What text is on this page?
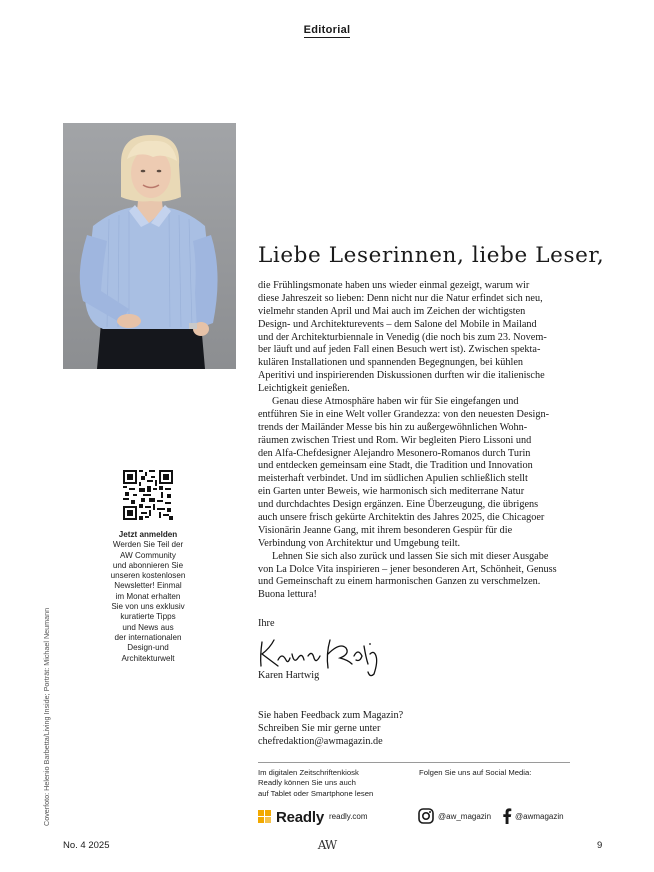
Editorial
Jetzt anmelden
Werden Sie Teil der
AW Community
und abonnieren Sie
unseren kostenlosen
Newsletter! Einmal
im Monat erhalten
Sie von uns exklusiv
kuratierte Tipps
und News aus
der internationalen
Design-und
Architekturwelt
Coverfoto: Helenio Barbetta/Living Inside; Porträt: Michael Neumann
Liebe Leserinnen, liebe Leser,
die Frühlingsmonate haben uns wieder einmal gezeigt, warum wir
diese Jahreszeit so lieben: Denn nicht nur die Natur erfindet sich neu,
vielmehr standen April und Mai auch im Zeichen der wichtigsten
Design- und Architekturevents – dem Salone del Mobile in Mailand
und der Architekturbiennale in Venedig (die noch bis zum 23. Novem-
ber läuft und auf jeden Fall einen Besuch wert ist). Zwischen spekta-
kulären Installationen und spannenden Begegnungen, bei kühlen
Aperitivi und inspirierenden Diskussionen durften wir die italienische
Leichtigkeit genießen.
Genau diese Atmosphäre haben wir für Sie eingefangen und
entführen Sie in eine Welt voller Grandezza: von den neuesten Design-
trends der Mailänder Messe bis hin zu außergewöhnlichen Wohn-
räumen zwischen Triest und Rom. Wir begleiten Piero Lissoni und
den Alfa-Chefdesigner Alejandro Mesonero-Romanos durch Turin
und entdecken gemeinsam eine Stadt, die Tradition und Innovation
meisterhaft verbindet. Und im südlichen Apulien schließlich stellt
ein Garten unter Beweis, wie harmonisch sich mediterrane Natur
und durchdachtes Design ergänzen. Eine Überzeugung, die übrigens
auch unsere frisch gekürte Architektin des Jahres 2025, die Chicagoer
Visionärin Jeanne Gang, mit ihrem besonderen Gespür für die
Verbindung von Architektur und Umgebung teilt.
Lehnen Sie sich also zurück und lassen Sie sich mit dieser Ausgabe
von La Dolce Vita inspirieren – jener besonderen Art, Schönheit, Genuss
und Gemeinschaft zu einem harmonischen Ganzen zu verschmelzen.
Buona lettura!
Ihre
Karen Hartwig
Sie haben Feedback zum Magazin?
Schreiben Sie mir gerne unter
chefredaktion@awmagazin.de
Im digitalen Zeitschriftenkiosk
Readly können Sie uns auch
auf Tablet oder Smartphone lesen
Folgen Sie uns auf Social Media:
Readly readly.com	@aw_magazin	@awmagazin
No. 4 2025	AW	9
